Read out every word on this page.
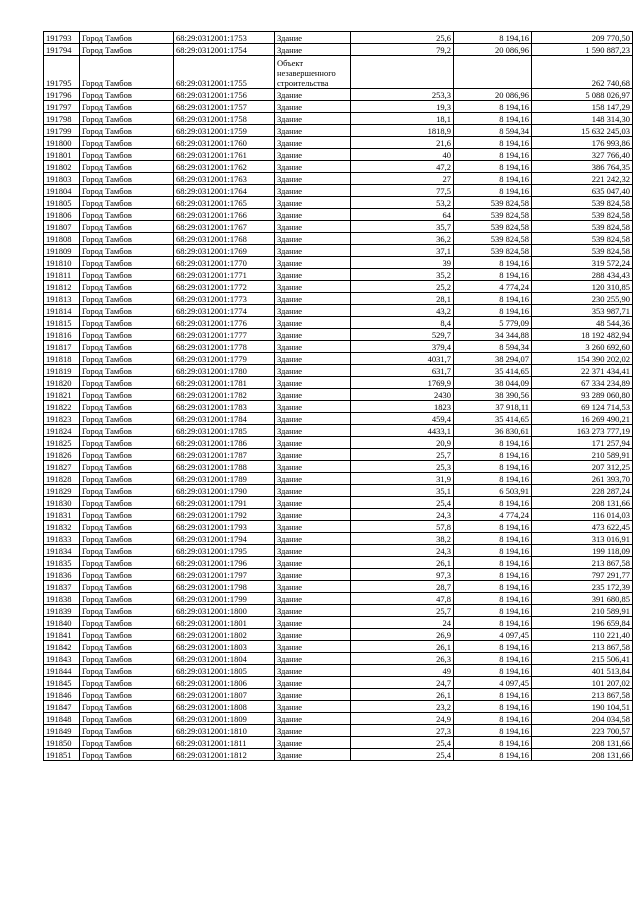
191793	Город Тамбов	68:29:0312001:1753	Здание	25,6	8 194,16	209 770,50
191794	Город Тамбов	68:29:0312001:1754	Здание	79,2	20 086,96	1 590 887,23
191795	Город Тамбов	68:29:0312001:1755	Объект незавершенного строительства			262 740,68
191796	Город Тамбов	68:29:0312001:1756	Здание	253,3	20 086,96	5 088 026,97
191797	Город Тамбов	68:29:0312001:1757	Здание	19,3	8 194,16	158 147,29
191798	Город Тамбов	68:29:0312001:1758	Здание	18,1	8 194,16	148 314,30
191799	Город Тамбов	68:29:0312001:1759	Здание	1818,9	8 594,34	15 632 245,03
191800	Город Тамбов	68:29:0312001:1760	Здание	21,6	8 194,16	176 993,86
191801	Город Тамбов	68:29:0312001:1761	Здание	40	8 194,16	327 766,40
191802	Город Тамбов	68:29:0312001:1762	Здание	47,2	8 194,16	386 764,35
191803	Город Тамбов	68:29:0312001:1763	Здание	27	8 194,16	221 242,32
191804	Город Тамбов	68:29:0312001:1764	Здание	77,5	8 194,16	635 047,40
191805	Город Тамбов	68:29:0312001:1765	Здание	53,2	539 824,58	539 824,58
191806	Город Тамбов	68:29:0312001:1766	Здание	64	539 824,58	539 824,58
191807	Город Тамбов	68:29:0312001:1767	Здание	35,7	539 824,58	539 824,58
191808	Город Тамбов	68:29:0312001:1768	Здание	36,2	539 824,58	539 824,58
191809	Город Тамбов	68:29:0312001:1769	Здание	37,1	539 824,58	539 824,58
191810	Город Тамбов	68:29:0312001:1770	Здание	39	8 194,16	319 572,24
191811	Город Тамбов	68:29:0312001:1771	Здание	35,2	8 194,16	288 434,43
191812	Город Тамбов	68:29:0312001:1772	Здание	25,2	4 774,24	120 310,85
191813	Город Тамбов	68:29:0312001:1773	Здание	28,1	8 194,16	230 255,90
191814	Город Тамбов	68:29:0312001:1774	Здание	43,2	8 194,16	353 987,71
191815	Город Тамбов	68:29:0312001:1776	Здание	8,4	5 779,09	48 544,36
191816	Город Тамбов	68:29:0312001:1777	Здание	529,7	34 344,88	18 192 482,94
191817	Город Тамбов	68:29:0312001:1778	Здание	379,4	8 594,34	3 260 692,60
191818	Город Тамбов	68:29:0312001:1779	Здание	4031,7	38 294,07	154 390 202,02
191819	Город Тамбов	68:29:0312001:1780	Здание	631,7	35 414,65	22 371 434,41
191820	Город Тамбов	68:29:0312001:1781	Здание	1769,9	38 044,09	67 334 234,89
191821	Город Тамбов	68:29:0312001:1782	Здание	2430	38 390,56	93 289 060,80
191822	Город Тамбов	68:29:0312001:1783	Здание	1823	37 918,11	69 124 714,53
191823	Город Тамбов	68:29:0312001:1784	Здание	459,4	35 414,65	16 269 490,21
191824	Город Тамбов	68:29:0312001:1785	Здание	4433,1	36 830,61	163 273 777,19
191825	Город Тамбов	68:29:0312001:1786	Здание	20,9	8 194,16	171 257,94
191826	Город Тамбов	68:29:0312001:1787	Здание	25,7	8 194,16	210 589,91
191827	Город Тамбов	68:29:0312001:1788	Здание	25,3	8 194,16	207 312,25
191828	Город Тамбов	68:29:0312001:1789	Здание	31,9	8 194,16	261 393,70
191829	Город Тамбов	68:29:0312001:1790	Здание	35,1	6 503,91	228 287,24
191830	Город Тамбов	68:29:0312001:1791	Здание	25,4	8 194,16	208 131,66
191831	Город Тамбов	68:29:0312001:1792	Здание	24,3	4 774,24	116 014,03
191832	Город Тамбов	68:29:0312001:1793	Здание	57,8	8 194,16	473 622,45
191833	Город Тамбов	68:29:0312001:1794	Здание	38,2	8 194,16	313 016,91
191834	Город Тамбов	68:29:0312001:1795	Здание	24,3	8 194,16	199 118,09
191835	Город Тамбов	68:29:0312001:1796	Здание	26,1	8 194,16	213 867,58
191836	Город Тамбов	68:29:0312001:1797	Здание	97,3	8 194,16	797 291,77
191837	Город Тамбов	68:29:0312001:1798	Здание	28,7	8 194,16	235 172,39
191838	Город Тамбов	68:29:0312001:1799	Здание	47,8	8 194,16	391 680,85
191839	Город Тамбов	68:29:0312001:1800	Здание	25,7	8 194,16	210 589,91
191840	Город Тамбов	68:29:0312001:1801	Здание	24	8 194,16	196 659,84
191841	Город Тамбов	68:29:0312001:1802	Здание	26,9	4 097,45	110 221,40
191842	Город Тамбов	68:29:0312001:1803	Здание	26,1	8 194,16	213 867,58
191843	Город Тамбов	68:29:0312001:1804	Здание	26,3	8 194,16	215 506,41
191844	Город Тамбов	68:29:0312001:1805	Здание	49	8 194,16	401 513,84
191845	Город Тамбов	68:29:0312001:1806	Здание	24,7	4 097,45	101 207,02
191846	Город Тамбов	68:29:0312001:1807	Здание	26,1	8 194,16	213 867,58
191847	Город Тамбов	68:29:0312001:1808	Здание	23,2	8 194,16	190 104,51
191848	Город Тамбов	68:29:0312001:1809	Здание	24,9	8 194,16	204 034,58
191849	Город Тамбов	68:29:0312001:1810	Здание	27,3	8 194,16	223 700,57
191850	Город Тамбов	68:29:0312001:1811	Здание	25,4	8 194,16	208 131,66
191851	Город Тамбов	68:29:0312001:1812	Здание	25,4	8 194,16	208 131,66
